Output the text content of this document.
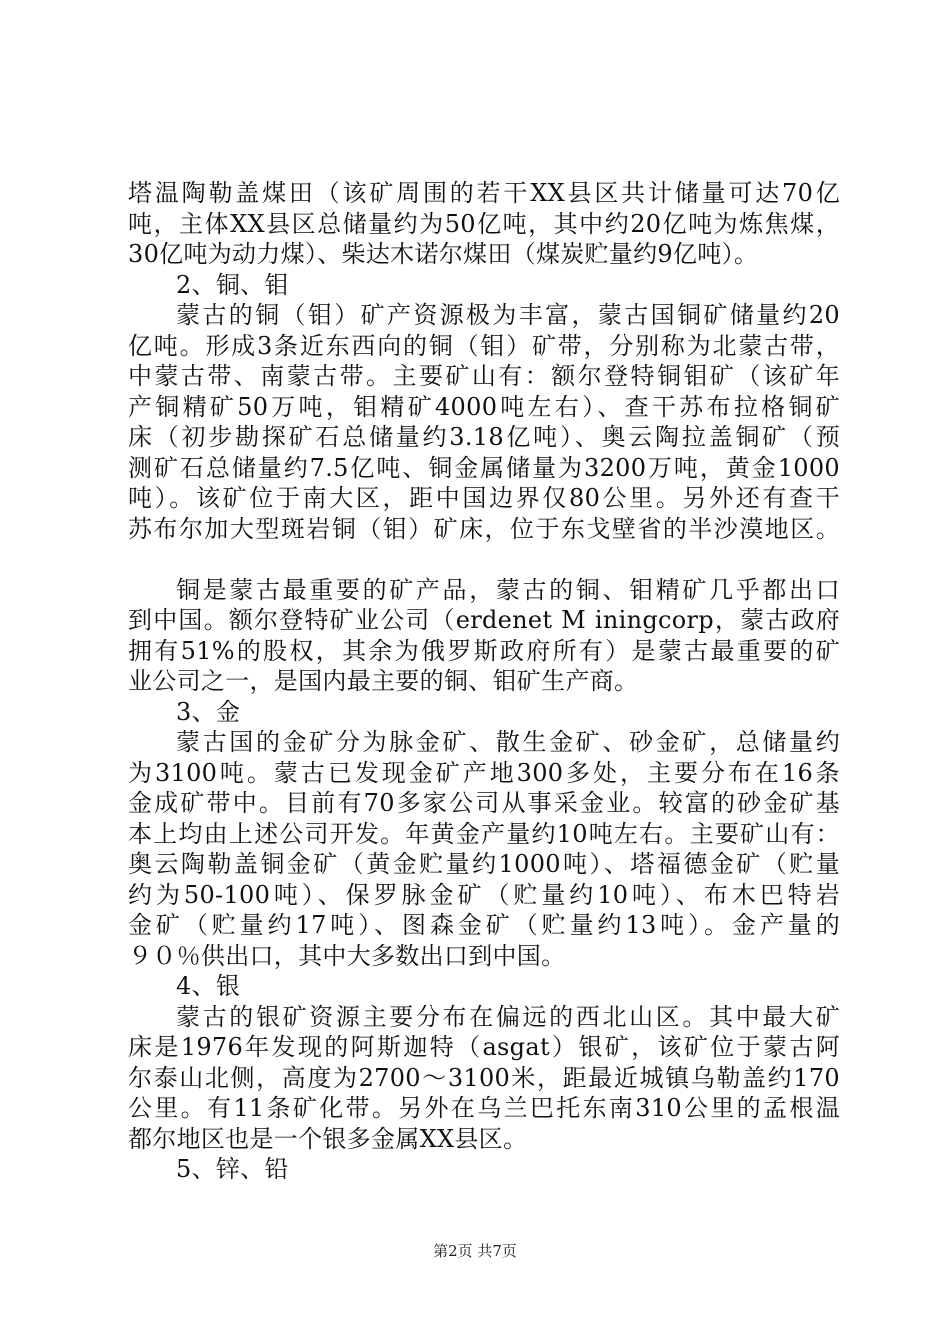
塔温陶勒盖煤田（该矿周围的若干XX县区共计储量可达70亿
吨，主体XX县区总储量约为50亿吨，其中约20亿吨为炼焦煤，
30亿吨为动力煤）、柴达木诺尔煤田（煤炭贮量约9亿吨）。
2、铜、钼
蒙古的铜（钼）矿产资源极为丰富，蒙古国铜矿储量约20
亿吨。形成3条近东西向的铜（钼）矿带，分别称为北蒙古带，
中蒙古带、南蒙古带。主要矿山有：额尔登特铜钼矿（该矿年
产铜精矿50万吨，钼精矿4000吨左右）、查干苏布拉格铜矿
床（初步勘探矿石总储量约3.18亿吨）、奥云陶拉盖铜矿（预
测矿石总储量约7.5亿吨、铜金属储量为3200万吨，黄金1000
吨）。该矿位于南大区，距中国边界仅80公里。另外还有查干
苏布尔加大型斑岩铜（钼）矿床，位于东戈壁省的半沙漠地区。
铜是蒙古最重要的矿产品，蒙古的铜、钼精矿几乎都出口
到中国。额尔登特矿业公司（erdenet M iningcorp，蒙古政府
拥有51%的股权，其余为俄罗斯政府所有）是蒙古最重要的矿
业公司之一，是国内最主要的铜、钼矿生产商。
3、金
蒙古国的金矿分为脉金矿、散生金矿、砂金矿，总储量约
为3100吨。蒙古已发现金矿产地300多处，主要分布在16条
金成矿带中。目前有70多家公司从事采金业。较富的砂金矿基
本上均由上述公司开发。年黄金产量约10吨左右。主要矿山有：
奥云陶勒盖铜金矿（黄金贮量约1000吨）、塔福德金矿（贮量
约为50-100吨）、保罗脉金矿（贮量约10吨）、布木巴特岩
金矿（贮量约17吨）、图森金矿（贮量约13吨）。金产量的
９０％供出口，其中大多数出口到中国。
4、银
蒙古的银矿资源主要分布在偏远的西北山区。其中最大矿
床是1976年发现的阿斯迦特（asgat）银矿，该矿位于蒙古阿
尔泰山北侧，高度为2700～3100米，距最近城镇乌勒盖约170
公里。有11条矿化带。另外在乌兰巴托东南310公里的孟根温
都尔地区也是一个银多金属XX县区。
5、锌、铅
第2页 共7页
